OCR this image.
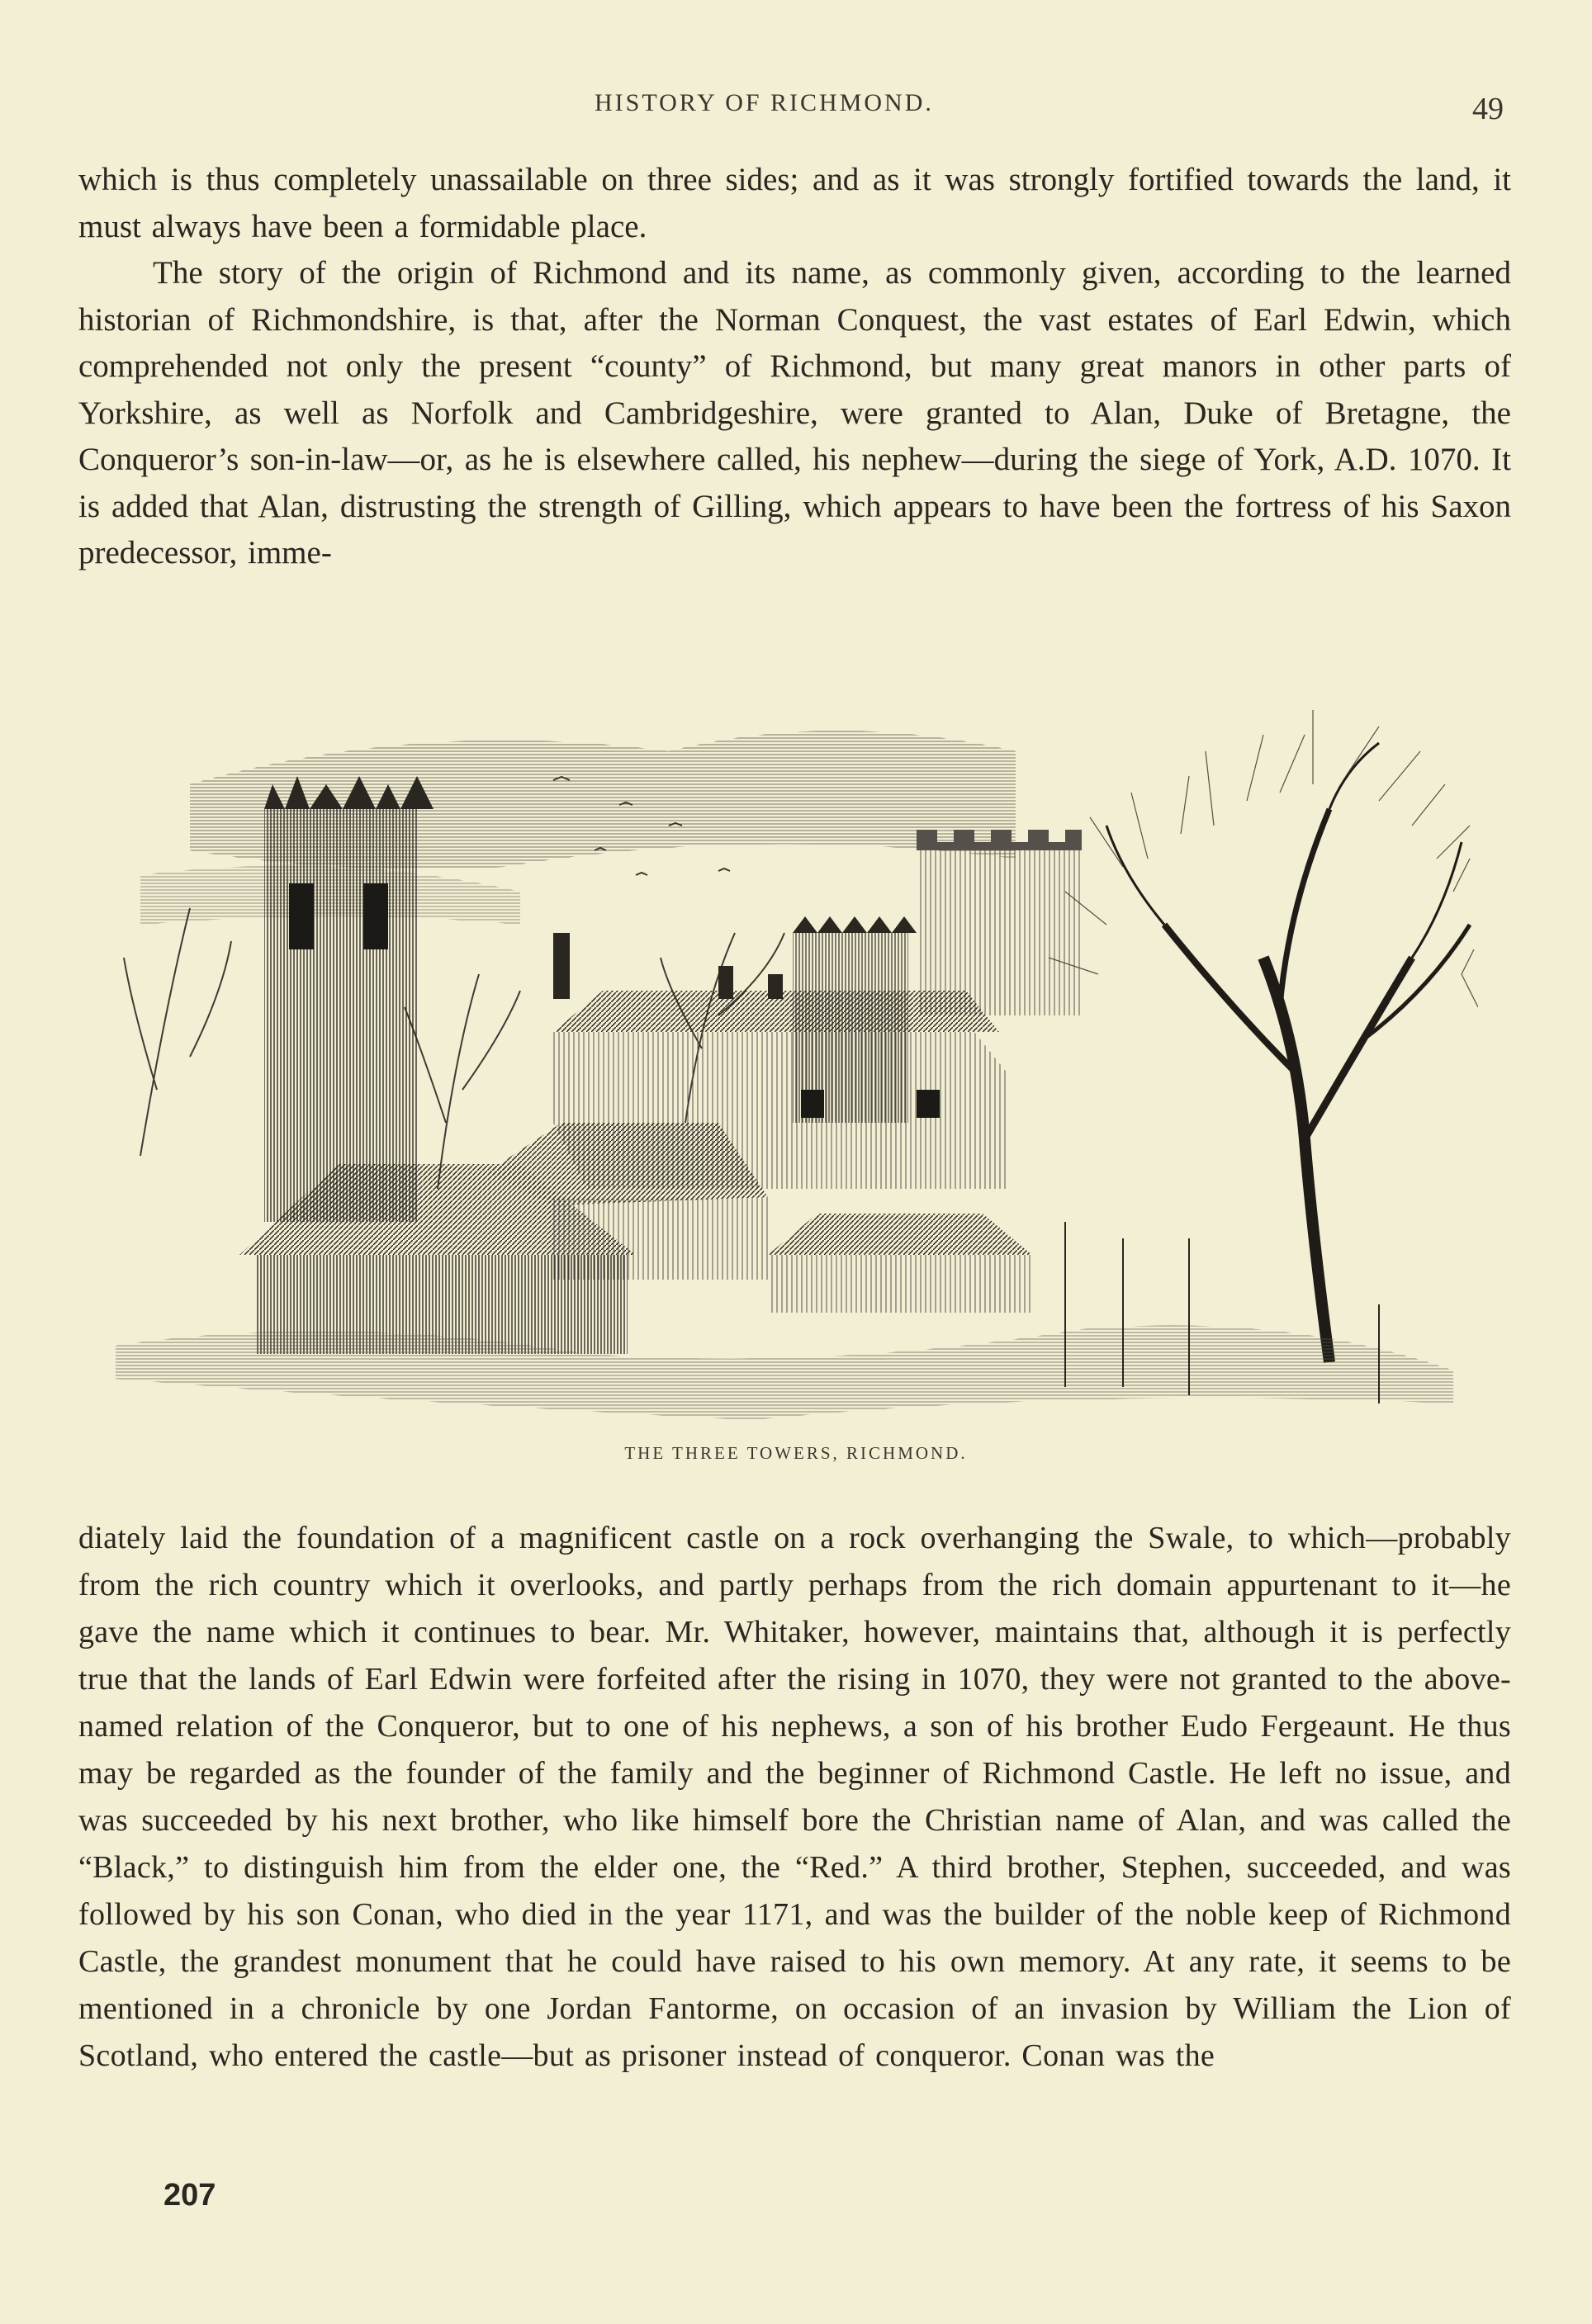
HISTORY OF RICHMOND.	49

which is thus completely unassailable on three sides; and as it was strongly fortified towards the land, it must always have been a formidable place.

The story of the origin of Richmond and its name, as commonly given, according to the learned historian of Richmondshire, is that, after the Norman Conquest, the vast estates of Earl Edwin, which comprehended not only the present “county” of Richmond, but many great manors in other parts of Yorkshire, as well as Norfolk and Cambridgeshire, were granted to Alan, Duke of Bretagne, the Conqueror’s son-in-law—or, as he is elsewhere called, his nephew—during the siege of York, A.D. 1070. It is added that Alan, distrusting the strength of Gilling, which appears to have been the fortress of his Saxon predecessor, imme-

THE THREE TOWERS, RICHMOND.

diately laid the foundation of a magnificent castle on a rock overhanging the Swale, to which—probably from the rich country which it overlooks, and partly perhaps from the rich domain appurtenant to it—he gave the name which it continues to bear. Mr. Whitaker, however, maintains that, although it is perfectly true that the lands of Earl Edwin were forfeited after the rising in 1070, they were not granted to the above-named relation of the Conqueror, but to one of his nephews, a son of his brother Eudo Fergeaunt. He thus may be regarded as the founder of the family and the beginner of Richmond Castle. He left no issue, and was succeeded by his next brother, who like himself bore the Christian name of Alan, and was called the “Black,” to distinguish him from the elder one, the “Red.” A third brother, Stephen, succeeded, and was followed by his son Conan, who died in the year 1171, and was the builder of the noble keep of Richmond Castle, the grandest monument that he could have raised to his own memory. At any rate, it seems to be mentioned in a chronicle by one Jordan Fantorme, on occasion of an invasion by William the Lion of Scotland, who entered the castle—but as prisoner instead of conqueror. Conan was the

207
